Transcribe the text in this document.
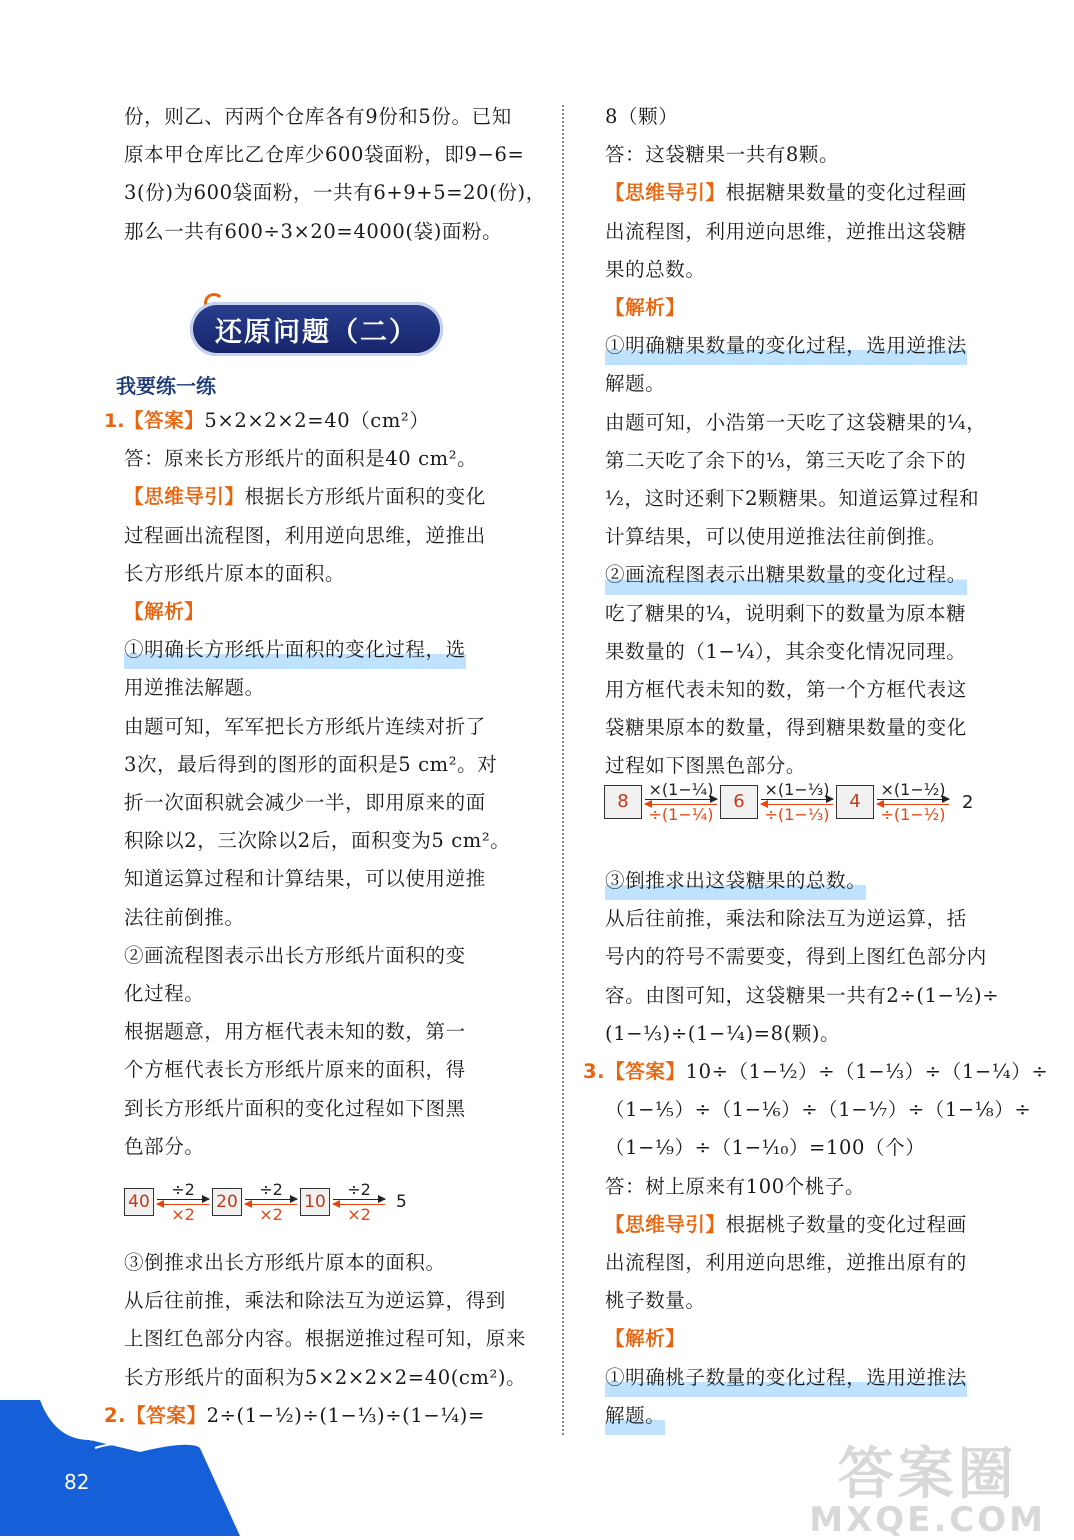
份，则乙、丙两个仓库各有9份和5份。已知
原本甲仓库比乙仓库少600袋面粉，即9−6=
3(份)为600袋面粉，一共有6+9+5=20(份)，
那么一共有600÷3×20=4000(袋)面粉。
还原问题（二）
我要练一练
1. 【答案】5×2×2×2=40（cm²）
答：原来长方形纸片的面积是40 cm²。
【思维导引】根据长方形纸片面积的变化
过程画出流程图，利用逆向思维，逆推出
长方形纸片原本的面积。
【解析】
①明确长方形纸片面积的变化过程，选
用逆推法解题。
由题可知，军军把长方形纸片连续对折了
3次，最后得到的图形的面积是5 cm²。对
折一次面积就会减少一半，即用原来的面
积除以2，三次除以2后，面积变为5 cm²。
知道运算过程和计算结果，可以使用逆推
法往前倒推。
②画流程图表示出长方形纸片面积的变
化过程。
根据题意，用方框代表未知的数，第一
个方框代表长方形纸片原来的面积，得
到长方形纸片面积的变化过程如下图黑
色部分。
40
÷2
×2
20
÷2
×2
10
÷2
×2
5
③倒推求出长方形纸片原本的面积。
从后往前推，乘法和除法互为逆运算，得到
上图红色部分内容。根据逆推过程可知，原来
长方形纸片的面积为5×2×2×2=40(cm²)。
2.【答案】2÷(1−½)÷(1−⅓)÷(1−¼)=
8（颗）
答：这袋糖果一共有8颗。
【思维导引】根据糖果数量的变化过程画
出流程图，利用逆向思维，逆推出这袋糖
果的总数。
【解析】
①明确糖果数量的变化过程，选用逆推法
解题。
由题可知，小浩第一天吃了这袋糖果的¼，
第二天吃了余下的⅓，第三天吃了余下的
½，这时还剩下2颗糖果。知道运算过程和
计算结果，可以使用逆推法往前倒推。
②画流程图表示出糖果数量的变化过程。
吃了糖果的¼，说明剩下的数量为原本糖
果数量的（1−¼），其余变化情况同理。
用方框代表未知的数，第一个方框代表这
袋糖果原本的数量，得到糖果数量的变化
过程如下图黑色部分。
8
×(1−¼)
÷(1−¼)
6
×(1−⅓)
÷(1−⅓)
4
×(1−½)
÷(1−½)
2
③倒推求出这袋糖果的总数。
从后往前推，乘法和除法互为逆运算，括
号内的符号不需要变，得到上图红色部分内
容。由图可知，这袋糖果一共有2÷(1−½)÷
(1−⅓)÷(1−¼)=8(颗)。
3.【答案】10÷（1−½）÷（1−⅓）÷（1−¼）÷
（1−⅕）÷（1−⅙）÷（1−⅐）÷（1−⅛）÷
（1−⅑）÷（1−⅒）=100（个）
答：树上原来有100个桃子。
【思维导引】根据桃子数量的变化过程画
出流程图，利用逆向思维，逆推出原有的
桃子数量。
【解析】
①明确桃子数量的变化过程，选用逆推法 解题。
82	答案圈
MXQE.COM
